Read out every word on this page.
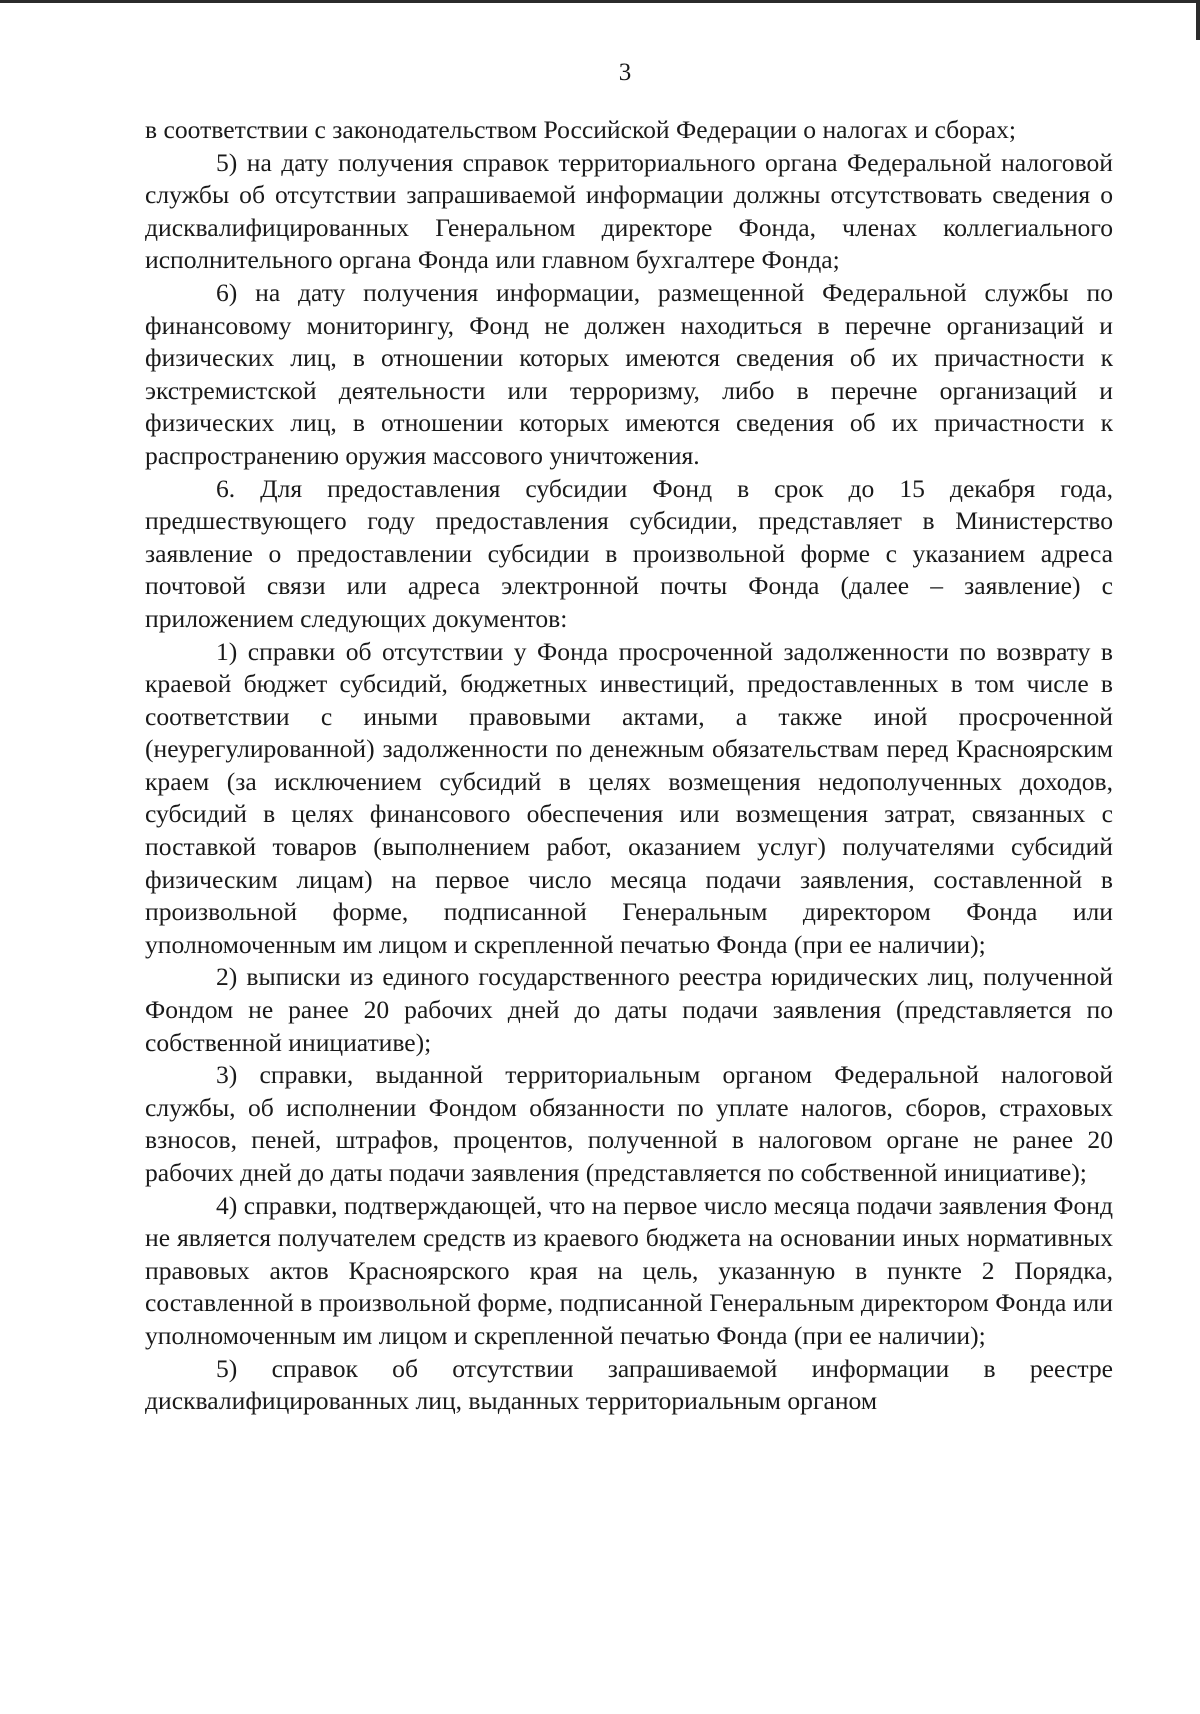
3

в соответствии с законодательством Российской Федерации о налогах и сборах;

5) на дату получения справок территориального органа Федеральной налоговой службы об отсутствии запрашиваемой информации должны отсутствовать сведения о дисквалифицированных Генеральном директоре Фонда, членах коллегиального исполнительного органа Фонда или главном бухгалтере Фонда;

6) на дату получения информации, размещенной Федеральной службы по финансовому мониторингу, Фонд не должен находиться в перечне организаций и физических лиц, в отношении которых имеются сведения об их причастности к экстремистской деятельности или терроризму, либо в перечне организаций и физических лиц, в отношении которых имеются сведения об их причастности к распространению оружия массового уничтожения.

6. Для предоставления субсидии Фонд в срок до 15 декабря года, предшествующего году предоставления субсидии, представляет в Министерство заявление о предоставлении субсидии в произвольной форме с указанием адреса почтовой связи или адреса электронной почты Фонда (далее – заявление) с приложением следующих документов:

1) справки об отсутствии у Фонда просроченной задолженности по возврату в краевой бюджет субсидий, бюджетных инвестиций, предоставленных в том числе в соответствии с иными правовыми актами, а также иной просроченной (неурегулированной) задолженности по денежным обязательствам перед Красноярским краем (за исключением субсидий в целях возмещения недополученных доходов, субсидий в целях финансового обеспечения или возмещения затрат, связанных с поставкой товаров (выполнением работ, оказанием услуг) получателями субсидий физическим лицам) на первое число месяца подачи заявления, составленной в произвольной форме, подписанной Генеральным директором Фонда или уполномоченным им лицом и скрепленной печатью Фонда (при ее наличии);

2) выписки из единого государственного реестра юридических лиц, полученной Фондом не ранее 20 рабочих дней до даты подачи заявления (представляется по собственной инициативе);

3) справки, выданной территориальным органом Федеральной налоговой службы, об исполнении Фондом обязанности по уплате налогов, сборов, страховых взносов, пеней, штрафов, процентов, полученной в налоговом органе не ранее 20 рабочих дней до даты подачи заявления (представляется по собственной инициативе);

4) справки, подтверждающей, что на первое число месяца подачи заявления Фонд не является получателем средств из краевого бюджета на основании иных нормативных правовых актов Красноярского края на цель, указанную в пункте 2 Порядка, составленной в произвольной форме, подписанной Генеральным директором Фонда или уполномоченным им лицом и скрепленной печатью Фонда (при ее наличии);

5) справок об отсутствии запрашиваемой информации в реестре дисквалифицированных лиц, выданных территориальным органом
